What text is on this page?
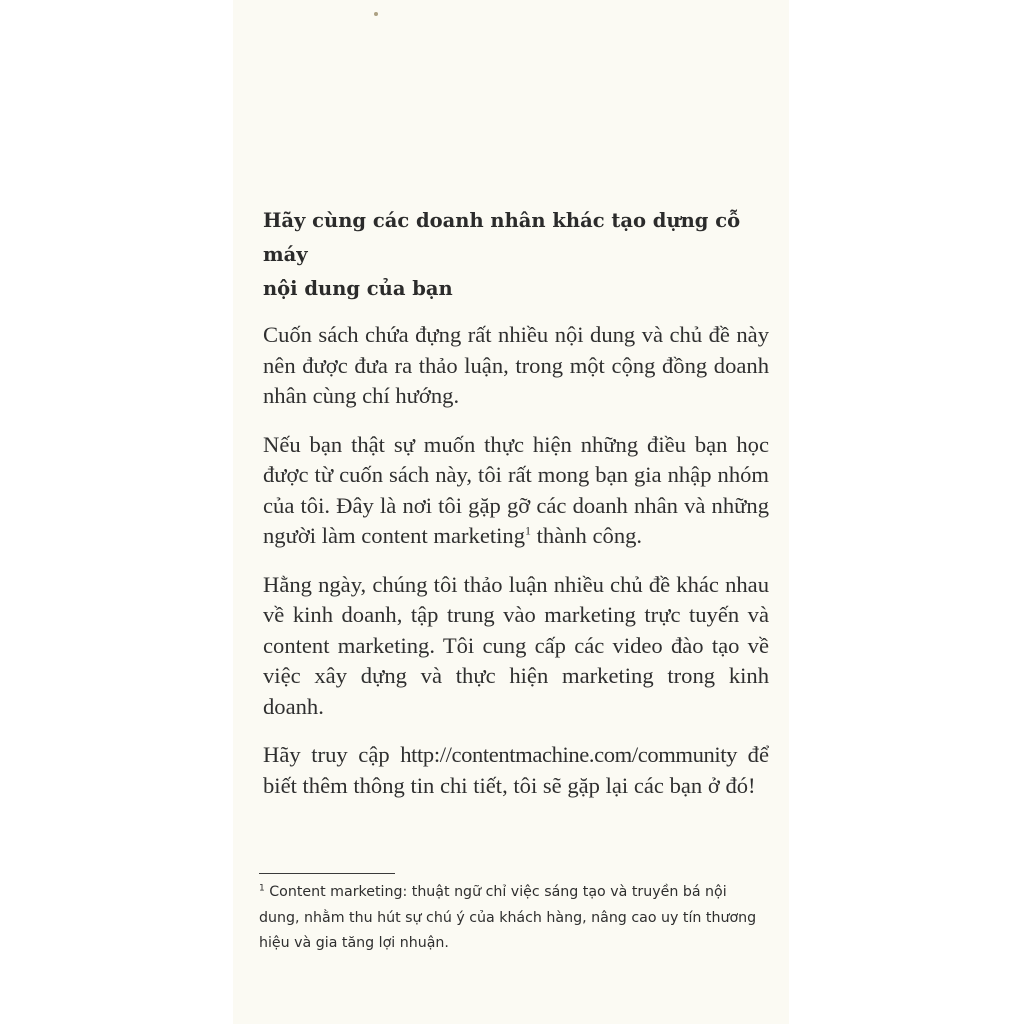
Hãy cùng các doanh nhân khác tạo dựng cỗ máy
nội dung của bạn

Cuốn sách chứa đựng rất nhiều nội dung và chủ đề này nên được đưa ra thảo luận, trong một cộng đồng doanh nhân cùng chí hướng.

Nếu bạn thật sự muốn thực hiện những điều bạn học được từ cuốn sách này, tôi rất mong bạn gia nhập nhóm của tôi. Đây là nơi tôi gặp gỡ các doanh nhân và những người làm content marketing$^1$ thành công.

Hằng ngày, chúng tôi thảo luận nhiều chủ đề khác nhau về kinh doanh, tập trung vào marketing trực tuyến và content marketing. Tôi cung cấp các video đào tạo về việc xây dựng và thực hiện marketing trong kinh doanh.

Hãy truy cập http://contentmachine.com/community để biết thêm thông tin chi tiết, tôi sẽ gặp lại các bạn ở đó!

$^1$ Content marketing: thuật ngữ chỉ việc sáng tạo và truyền bá nội dung, nhằm thu hút sự chú ý của khách hàng, nâng cao uy tín thương hiệu và gia tăng lợi nhuận.
